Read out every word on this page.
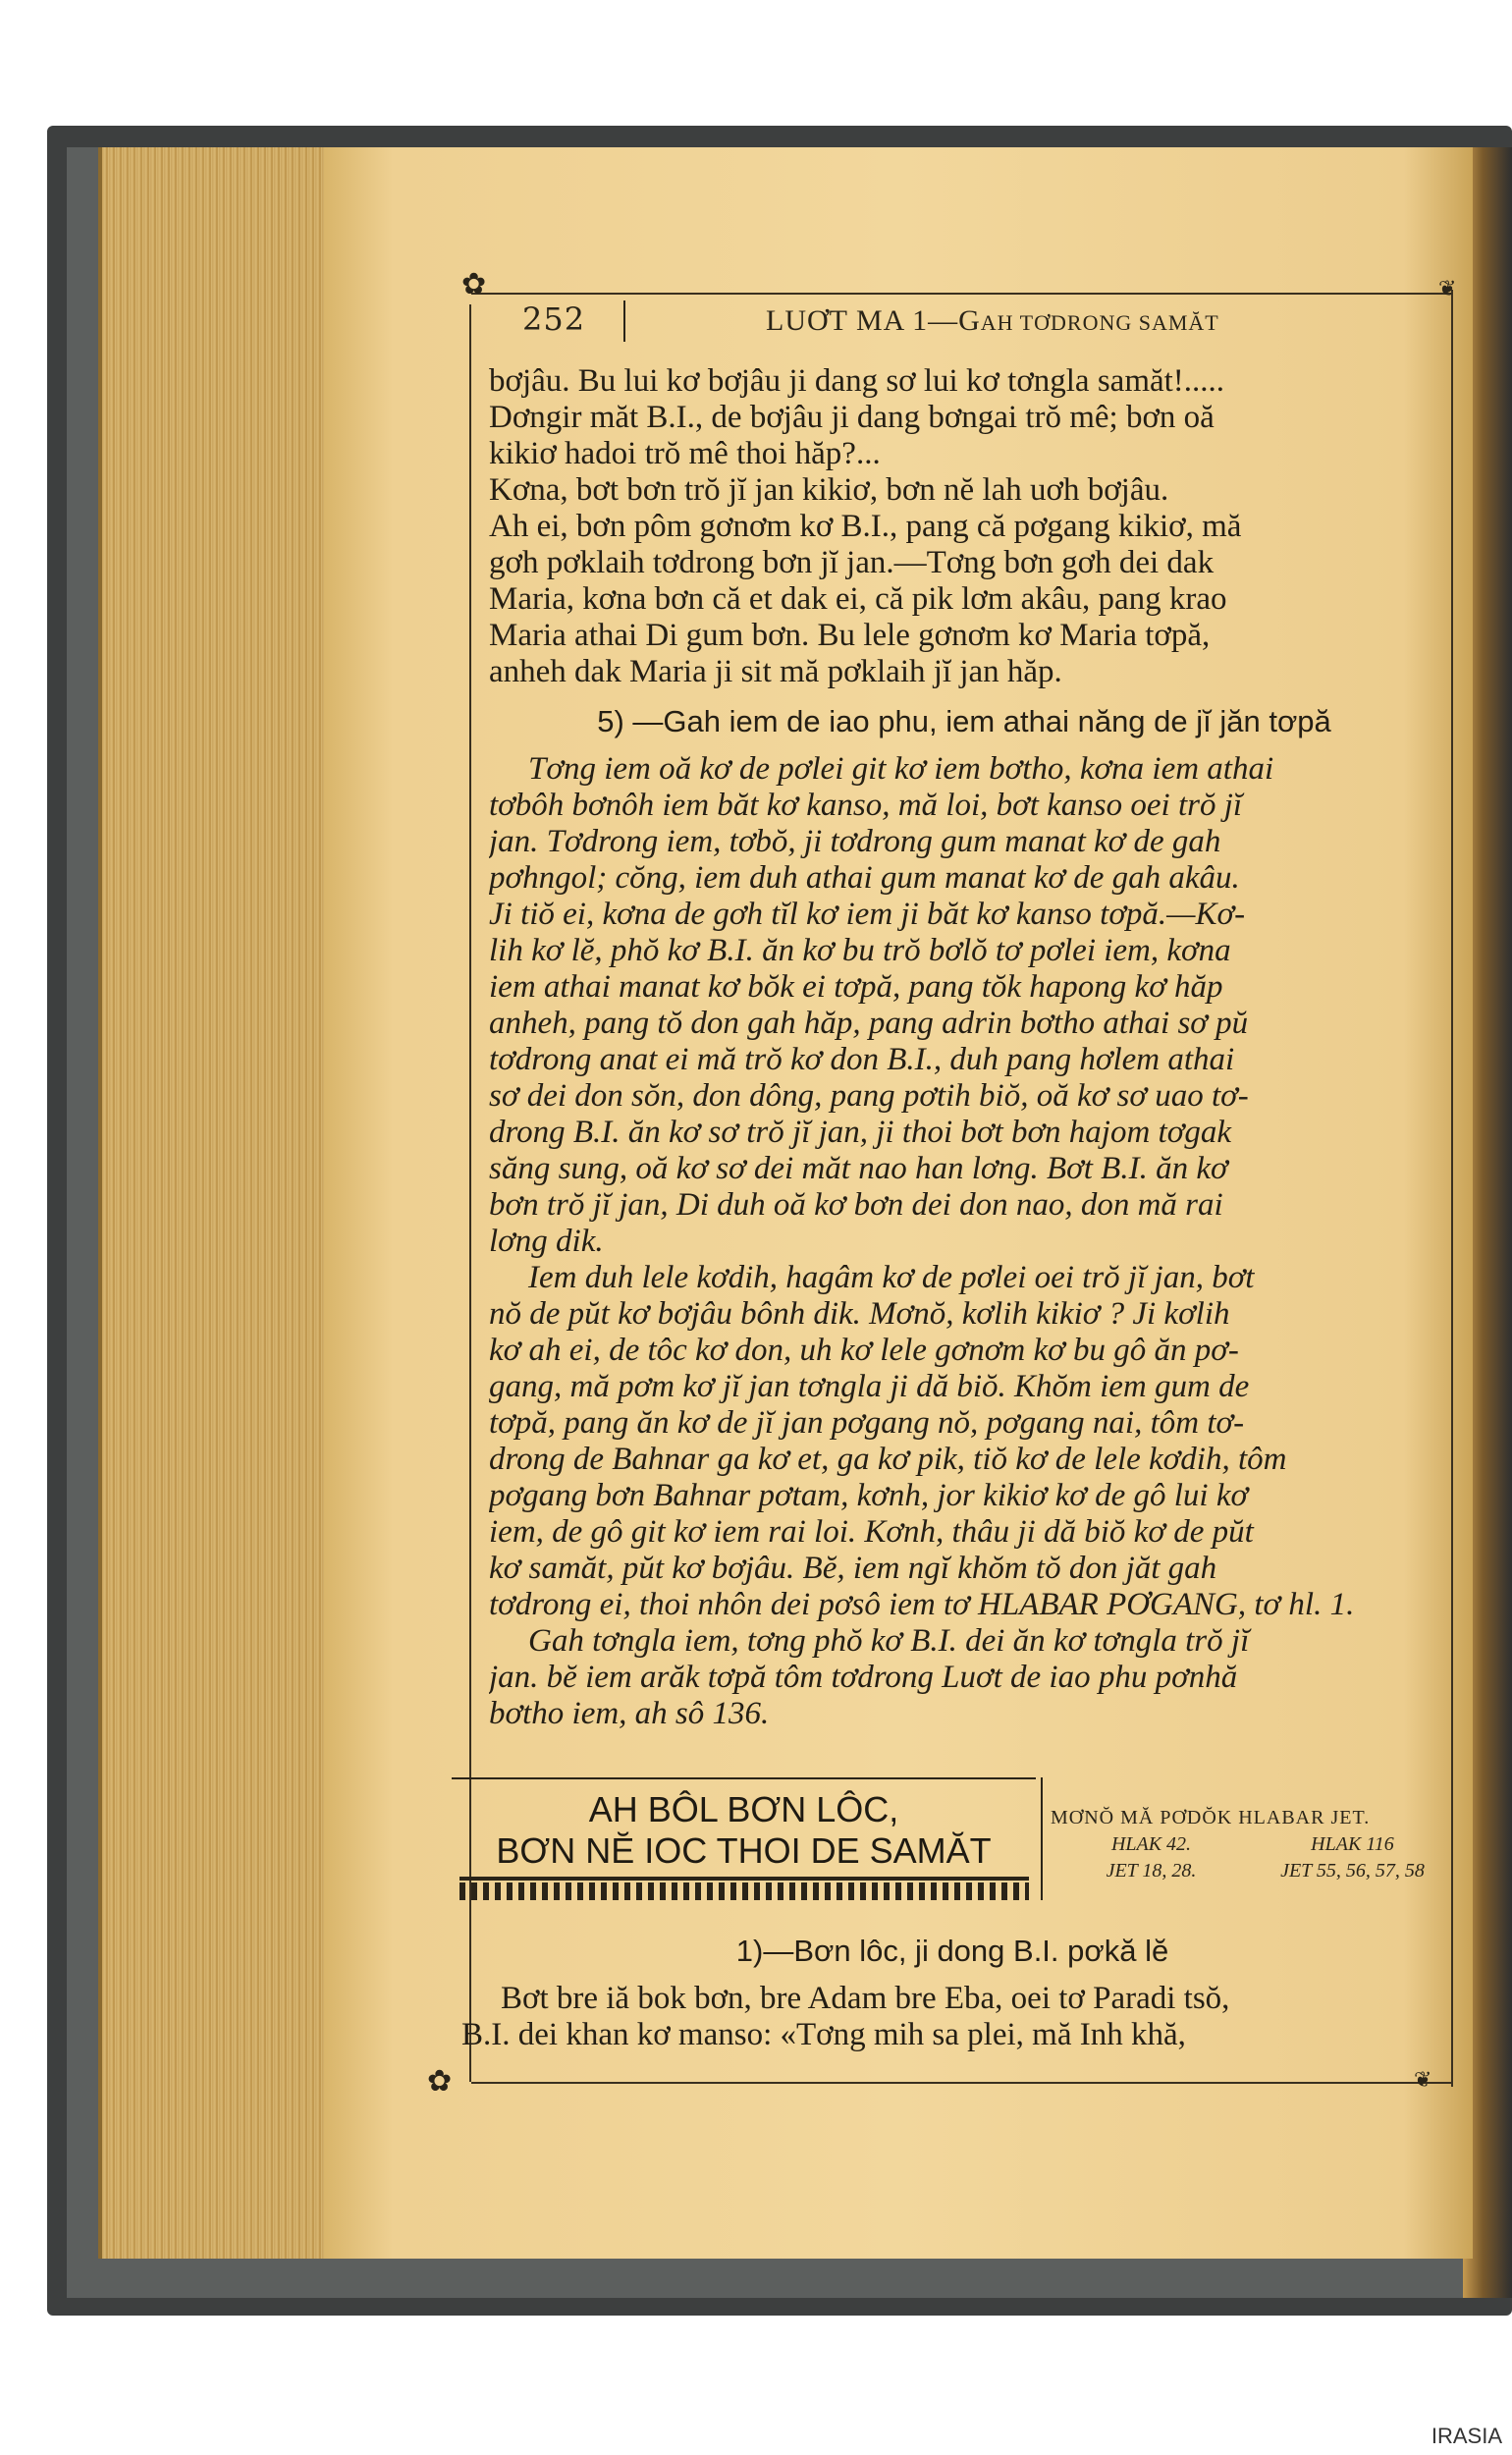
✿	❦
✿	❦
252	LUƠT MA 1—GAH TƠDRONG SAMĂT
bơjâu. Bu lui kơ bơjâu ji dang sơ lui kơ tơngla samăt!.....
Dơngir măt B.I., de bơjâu ji dang bơngai trŏ mê; bơn oă
kikiơ hadoi trŏ mê thoi hăp?...
Kơna, bơt bơn trŏ jĭ jan kikiơ, bơn nĕ lah uơh bơjâu.
Ah ei, bơn pôm gơnơm kơ B.I., pang că pơgang kikiơ, mă
gơh pơklaih tơdrong bơn jĭ jan.—Tơng bơn gơh dei dak
Maria, kơna bơn că et dak ei, că pik lơm akâu, pang krao
Maria athai Di gum bơn. Bu lele gơnơm kơ Maria tơpă,
anheh dak Maria ji sit mă pơklaih jĭ jan hăp.
5) —Gah iem de iao phu, iem athai năng de jĭ jăn tơpă
Tơng iem oă kơ de pơlei git kơ iem bơtho, kơna iem athai
tơbôh bơnôh iem băt kơ kanso, mă loi, bơt kanso oei trŏ jĭ
jan. Tơdrong iem, tơbŏ, ji tơdrong gum manat kơ de gah
pơhngol; cŏng, iem duh athai gum manat kơ de gah akâu.
Ji tiŏ ei, kơna de gơh tĭl kơ iem ji băt kơ kanso tơpă.—Kơ-
lih kơ lĕ, phŏ kơ B.I. ăn kơ bu trŏ bơlŏ tơ pơlei iem, kơna
iem athai manat kơ bŏk ei tơpă, pang tŏk hapong kơ hăp
anheh, pang tŏ don gah hăp, pang adrin bơtho athai sơ pŭ
tơdrong anat ei mă trŏ kơ don B.I., duh pang hơlem athai
sơ dei don sŏn, don dông, pang pơtih biŏ, oă kơ sơ uao tơ-
drong B.I. ăn kơ sơ trŏ jĭ jan, ji thoi bơt bơn hajom tơgak
săng sung, oă kơ sơ dei măt nao han lơng. Bơt B.I. ăn kơ
bơn trŏ jĭ jan, Di duh oă kơ bơn dei don nao, don mă rai
lơng dik.
Iem duh lele kơdih, hagâm kơ de pơlei oei trŏ jĭ jan, bơt
nŏ de pŭt kơ bơjâu bônh dik. Mơnŏ, kơlih kikiơ ? Ji kơlih
kơ ah ei, de tôc kơ don, uh kơ lele gơnơm kơ bu gô ăn pơ-
gang, mă pơm kơ jĭ jan tơngla ji dă biŏ. Khŏm iem gum de
tơpă, pang ăn kơ de jĭ jan pơgang nŏ, pơgang nai, tôm tơ-
drong de Bahnar ga kơ et, ga kơ pik, tiŏ kơ de lele kơdih, tôm
pơgang bơn Bahnar pơtam, kơnh, jor kikiơ kơ de gô lui kơ
iem, de gô git kơ iem rai loi. Kơnh, thâu ji dă biŏ kơ de pŭt
kơ samăt, pŭt kơ bơjâu. Bĕ, iem ngĭ khŏm tŏ don jăt gah
tơdrong ei, thoi nhôn dei pơsô iem tơ HLABAR PƠGANG, tơ hl. 1.
Gah tơngla iem, tơng phŏ kơ B.I. dei ăn kơ tơngla trŏ jĭ
jan. bĕ iem arăk tơpă tôm tơdrong Luơt de iao phu pơnhă
bơtho iem, ah sô 136.
AH BÔL BƠN LÔC,
BƠN NĔ IOC THOI DE SAMĂT
MƠNŎ MĂ PƠDŎK HLABAR JET.
HLAK 42.	HLAK 116
JET 18, 28.	JET 55, 56, 57, 58
1)—Bơn lôc, ji dong B.I. pơkă lĕ
Bơt bre iă bok bơn, bre Adam bre Eba, oei tơ Paradi tsŏ,
B.I. dei khan kơ manso: «Tơng mih sa plei, mă Inh khă,
IRASIA
